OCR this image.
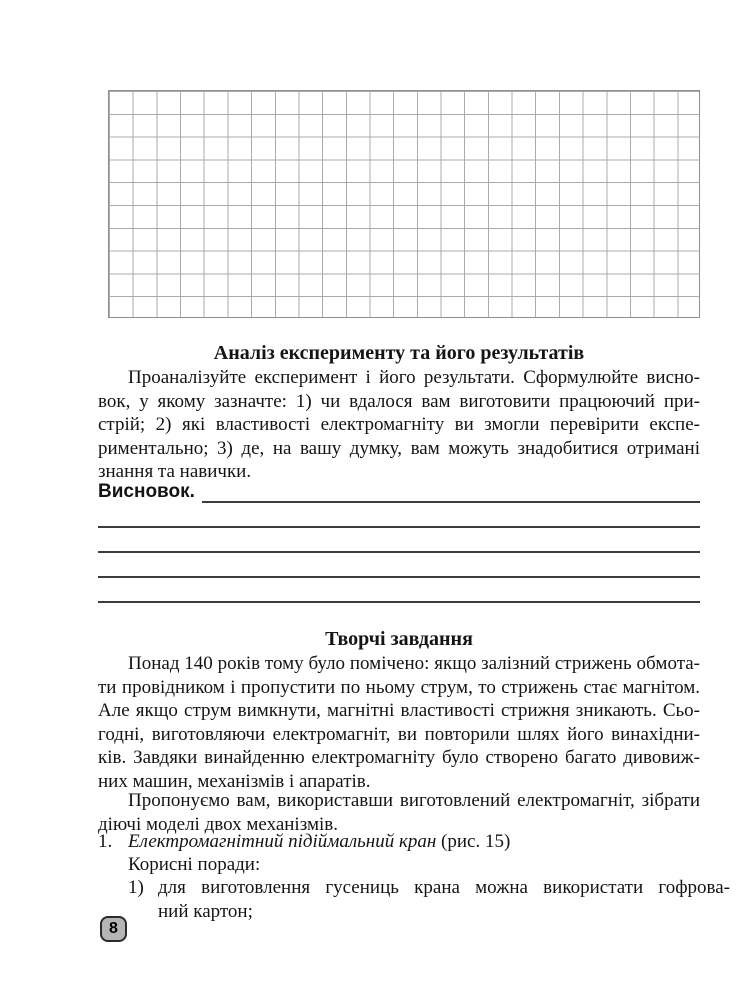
Аналіз експерименту та його результатів
Проаналізуйте експеримент і його результати. Сформулюйте висно-
вок, у якому зазначте: 1) чи вдалося вам виготовити працюючий при-
стрій; 2) які властивості електромагніту ви змогли перевірити експе-
риментально; 3) де, на вашу думку, вам можуть знадобитися отримані
знання та навички.
Висновок.
Творчі завдання
Понад 140 років тому було помічено: якщо залізний стрижень обмота-
ти провідником і пропустити по ньому струм, то стрижень стає магнітом.
Але якщо струм вимкнути, магнітні властивості стрижня зникають. Сьо-
годні, виготовляючи електромагніт, ви повторили шлях його винахідни-
ків. Завдяки винайденню електромагніту було створено багато дивовиж-
них машин, механізмів і апаратів.
Пропонуємо вам, використавши виготовлений електромагніт, зібрати
діючі моделі двох механізмів.
1. Електромагнітний підіймальний кран (рис. 15)
Корисні поради:
1) для виготовлення гусениць крана можна використати гофрова-
ний картон;
8
